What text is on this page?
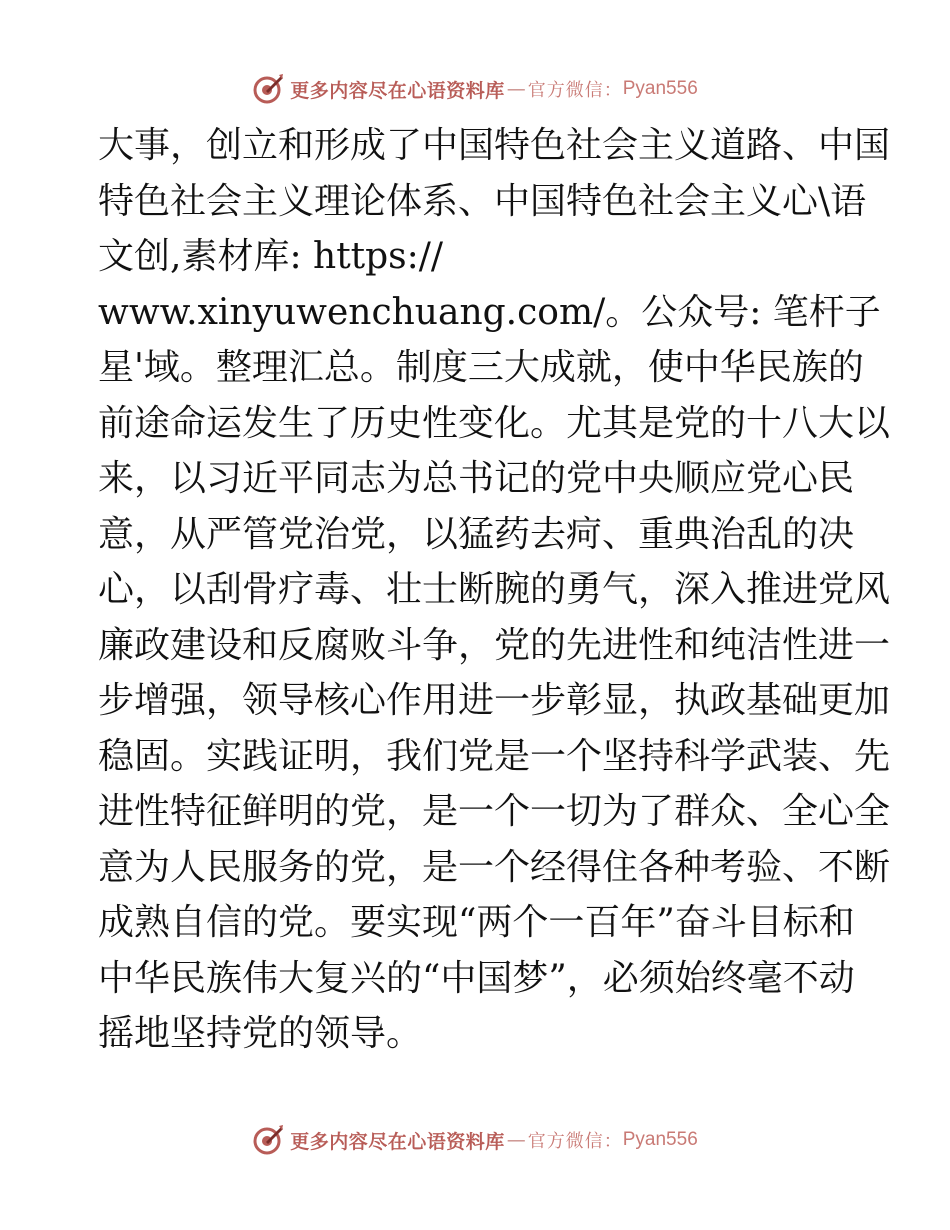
更多内容尽在心语资料库 — 官方微信： Pyan556
大事，创立和形成了中国特色社会主义道路、中国
特色社会主义理论体系、中国特色社会主义心\语
文创,素材库: https://
www.xinyuwenchuang.com/。公众号: 笔杆子
星'域。整理汇总。制度三大成就，使中华民族的
前途命运发生了历史性变化。尤其是党的十八大以
来，以习近平同志为总书记的党中央顺应党心民
意，从严管党治党，以猛药去疴、重典治乱的决
心，以刮骨疗毒、壮士断腕的勇气，深入推进党风
廉政建设和反腐败斗争，党的先进性和纯洁性进一
步增强，领导核心作用进一步彰显，执政基础更加
稳固。实践证明，我们党是一个坚持科学武装、先
进性特征鲜明的党，是一个一切为了群众、全心全
意为人民服务的党，是一个经得住各种考验、不断
成熟自信的党。要实现“两个一百年”奋斗目标和
中华民族伟大复兴的“中国梦”，必须始终毫不动
摇地坚持党的领导。
更多内容尽在心语资料库 — 官方微信： Pyan556
